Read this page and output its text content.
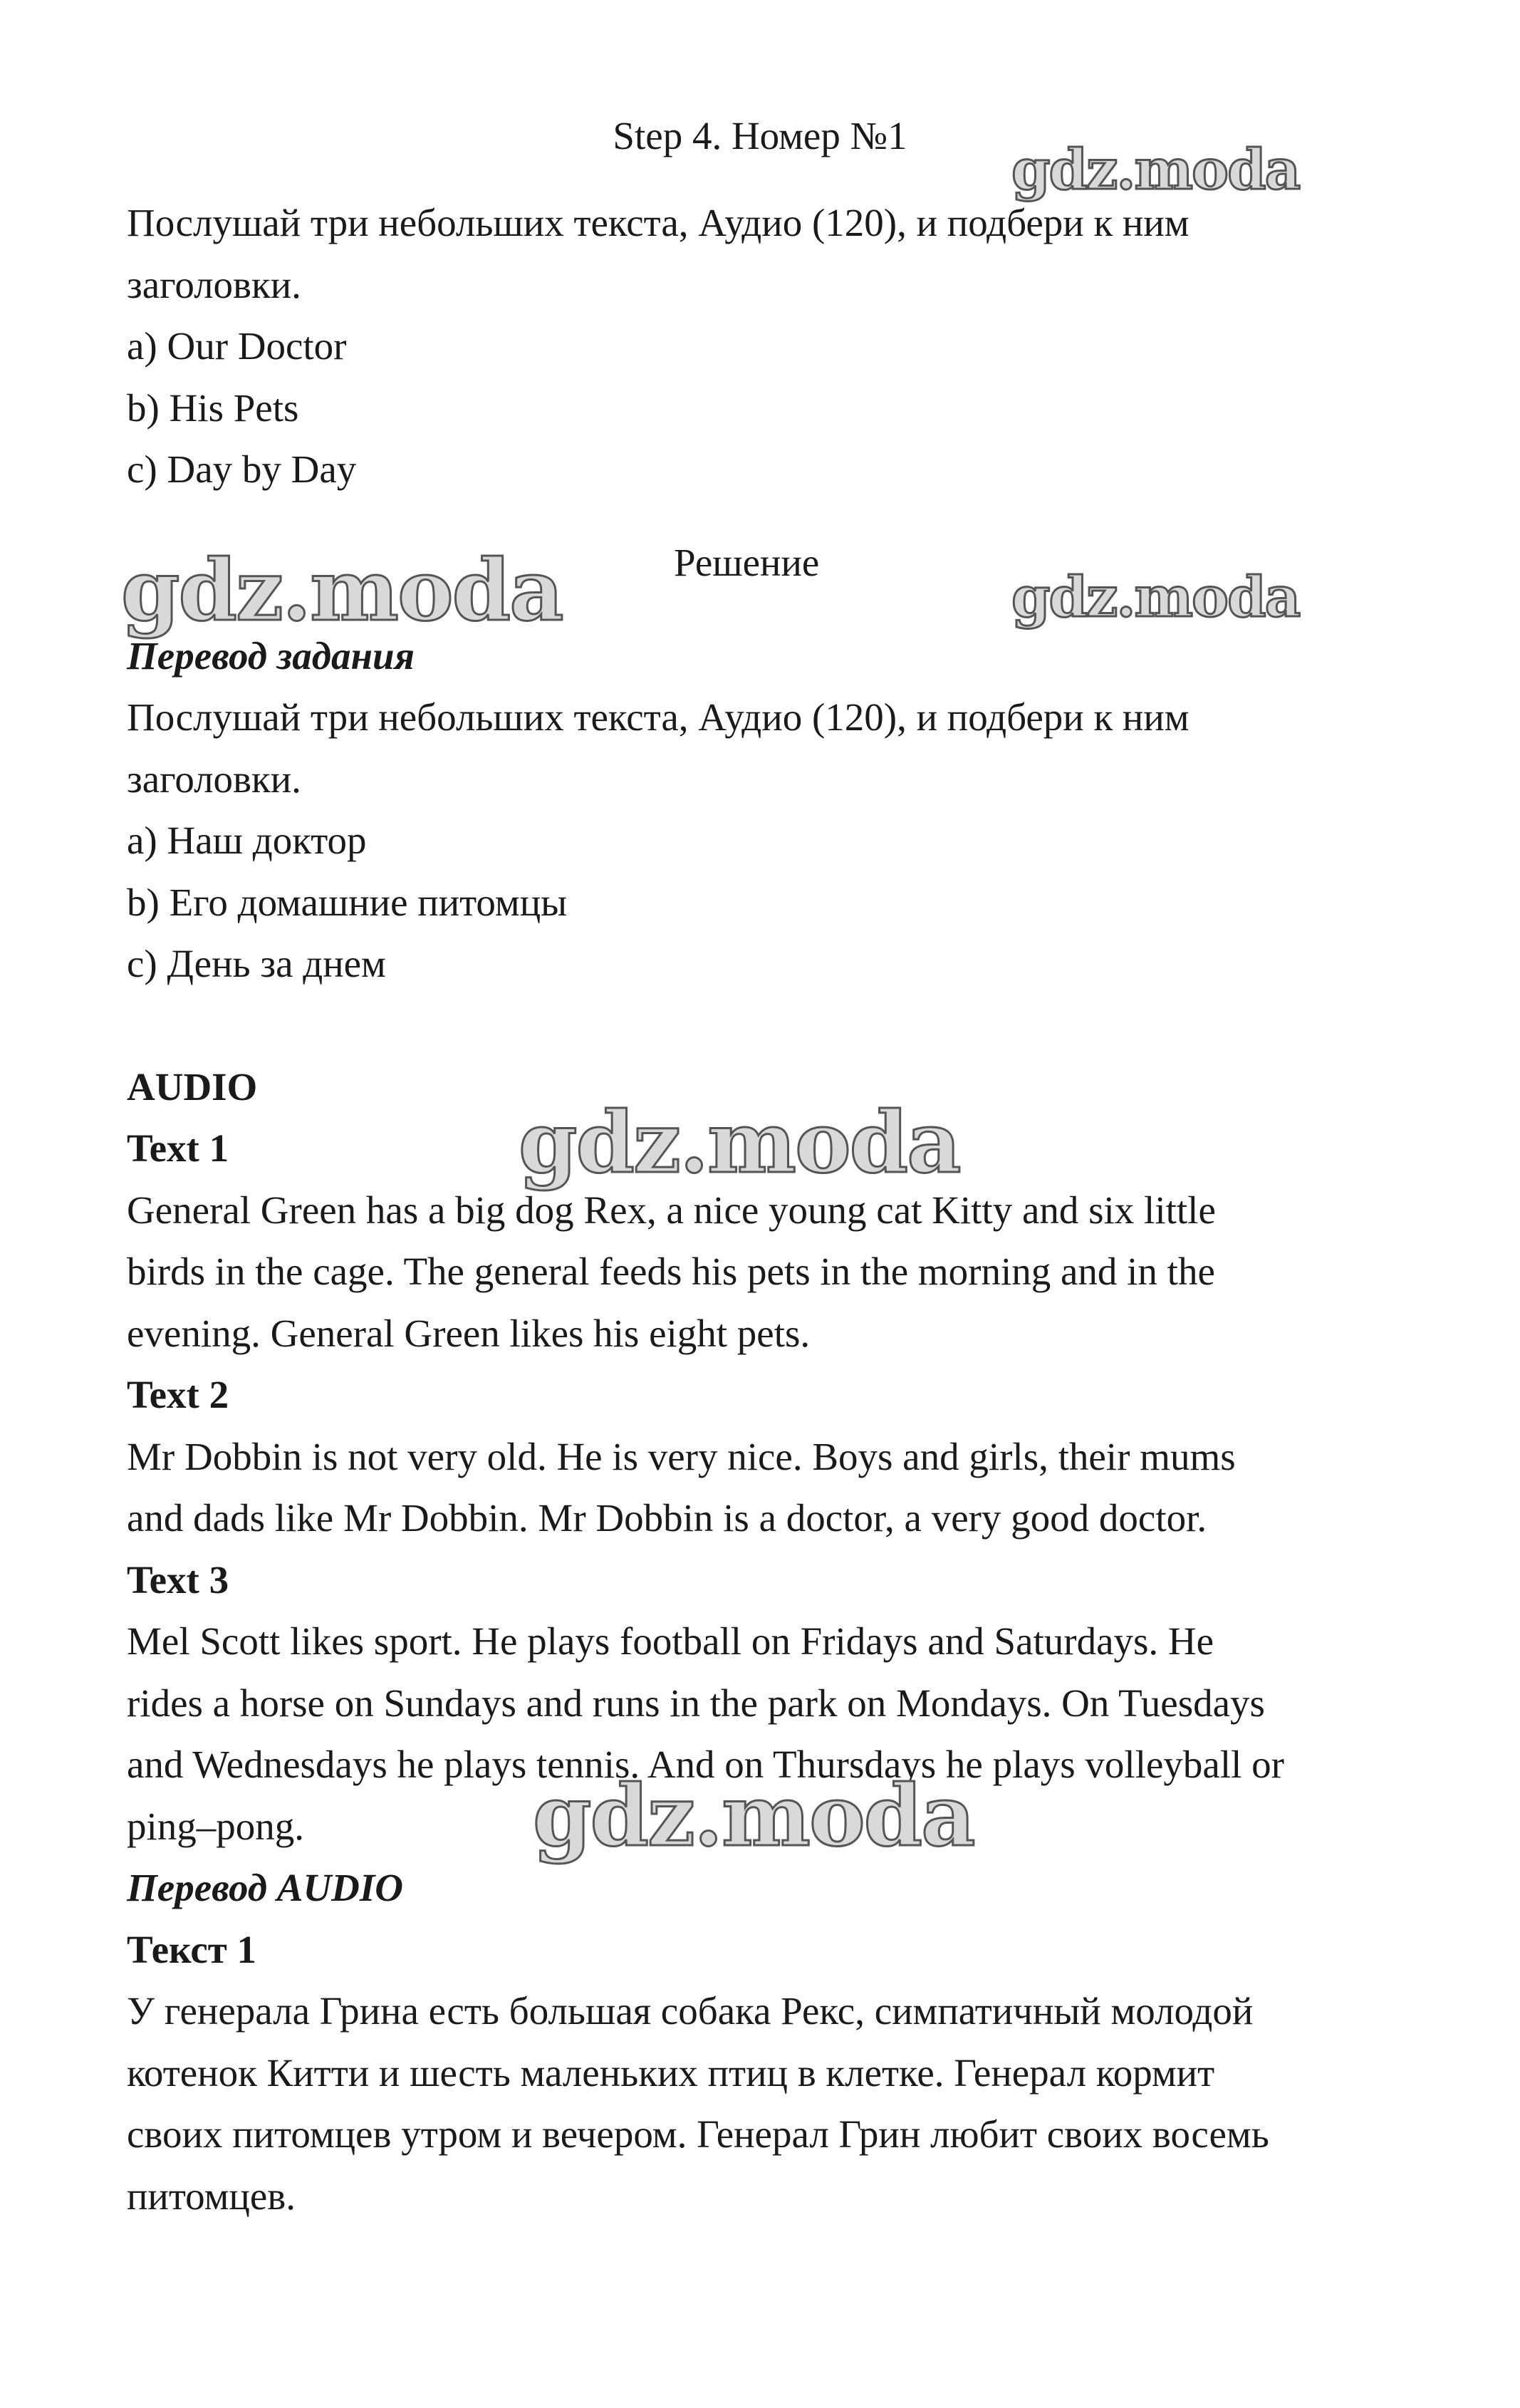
Step 4. Номер №1

Послушай три небольших текста, Аудио (120), и подбери к ним

заголовки.

a) Our Doctor

b) His Pets

c) Day by Day

Решение

Перевод задания

Послушай три небольших текста, Аудио (120), и подбери к ним

заголовки.

a) Наш доктор

b) Его домашние питомцы

c) День за днем

AUDIO

Text 1

General Green has a big dog Rex, a nice young cat Kitty and six little

birds in the cage. The general feeds his pets in the morning and in the

evening. General Green likes his eight pets.

Text 2

Mr Dobbin is not very old. He is very nice. Boys and girls, their mums

and dads like Mr Dobbin. Mr Dobbin is a doctor, a very good doctor.

Text 3

Mel Scott likes sport. He plays football on Fridays and Saturdays. He

rides a horse on Sundays and runs in the park on Mondays. On Tuesdays

and Wednesdays he plays tennis. And on Thursdays he plays volleyball or

ping–pong.

Перевод AUDIO

Текст 1

У генерала Грина есть большая собака Рекс, симпатичный молодой

котенок Китти и шесть маленьких птиц в клетке. Генерал кормит

своих питомцев утром и вечером. Генерал Грин любит своих восемь

питомцев.

gdz.moda
gdz.moda	gdz.moda
gdz.moda
gdz.moda
